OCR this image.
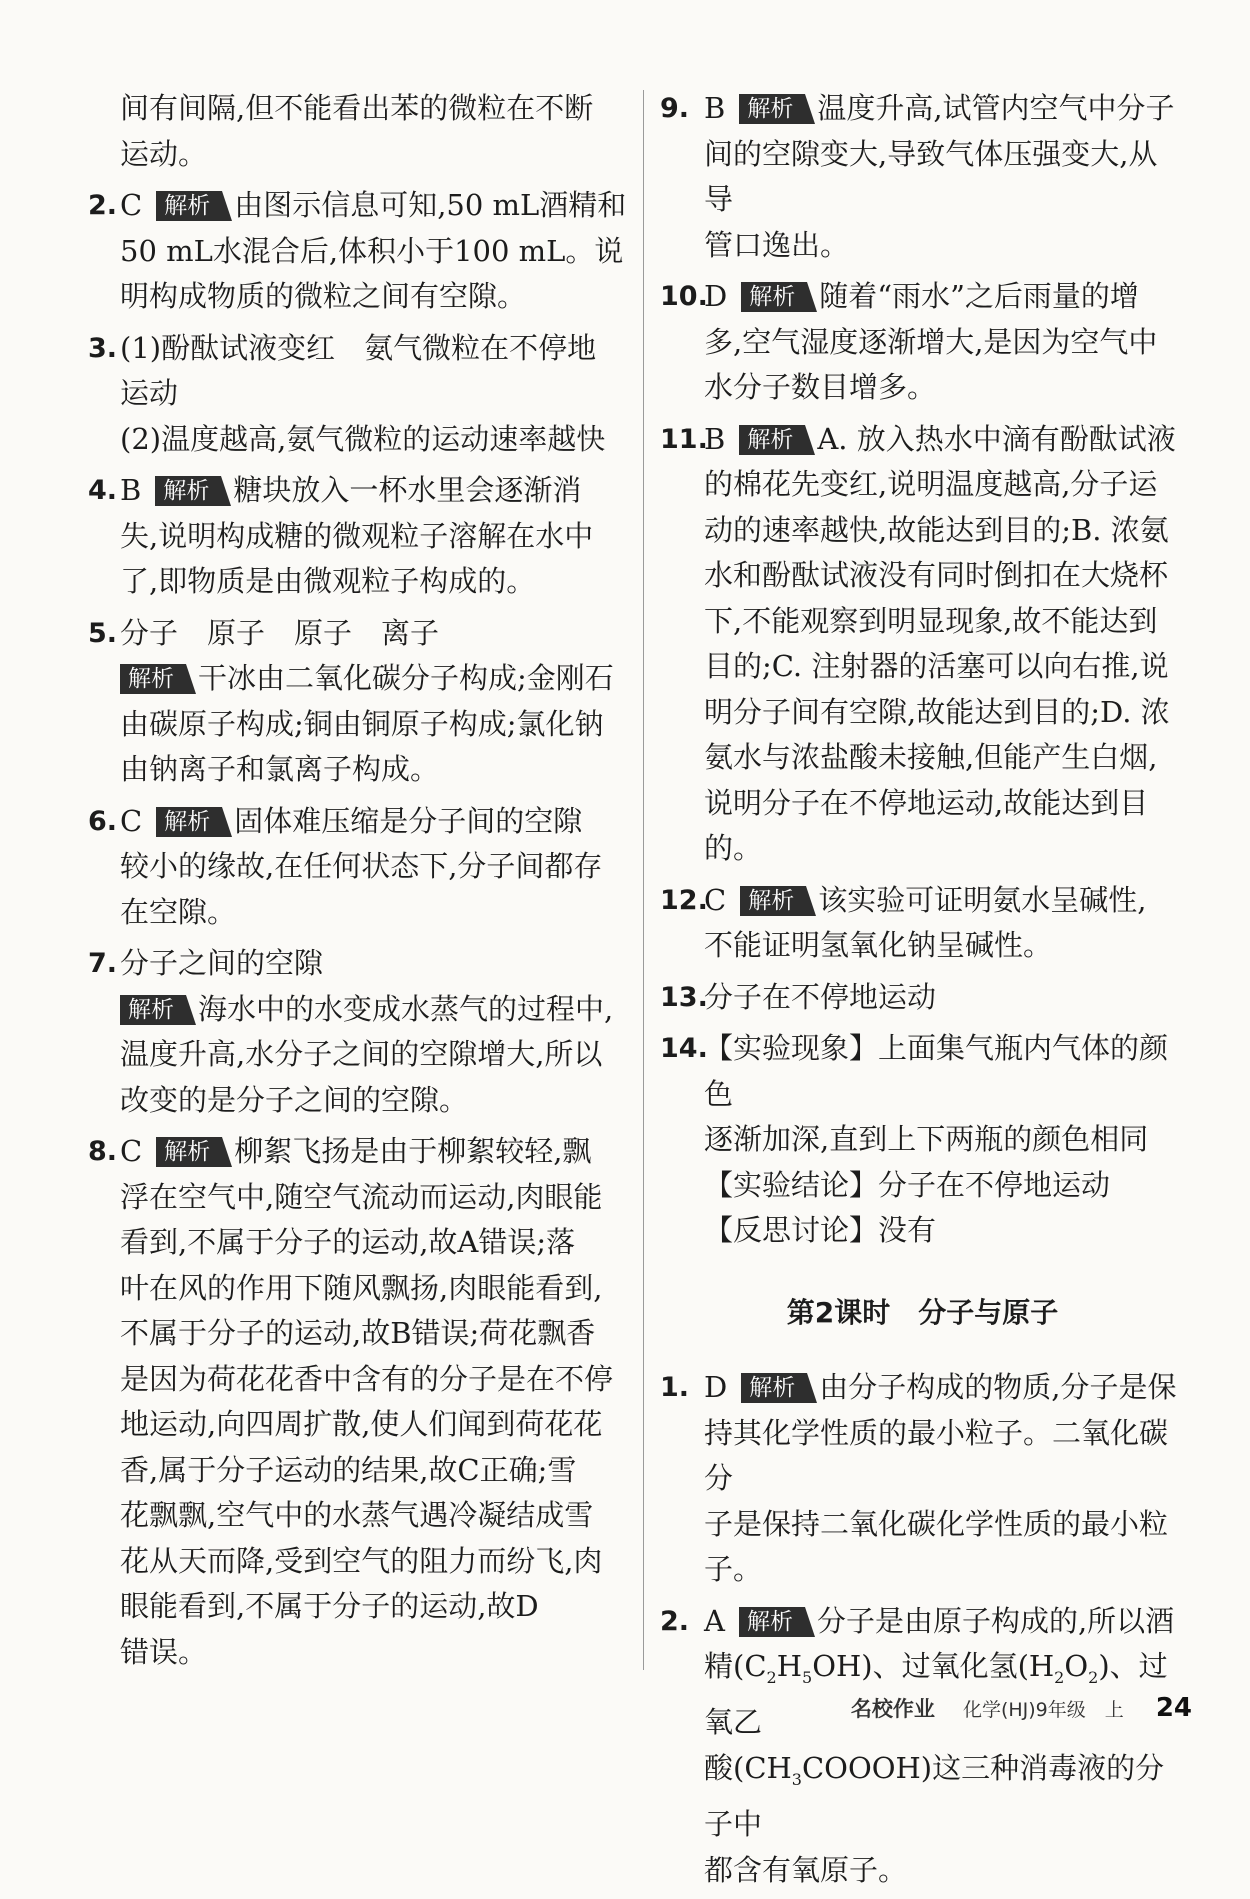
间有间隔,但不能看出苯的微粒在不断
运动。
2. C 解析 由图示信息可知,50 mL酒精和
50 mL水混合后,体积小于100 mL。说
明构成物质的微粒之间有空隙。
3. (1)酚酞试液变红　氨气微粒在不停地
运动
(2)温度越高,氨气微粒的运动速率越快
4. B 解析 糖块放入一杯水里会逐渐消
失,说明构成糖的微观粒子溶解在水中
了,即物质是由微观粒子构成的。
5. 分子　原子　原子　离子
解析 干冰由二氧化碳分子构成;金刚石
由碳原子构成;铜由铜原子构成;氯化钠
由钠离子和氯离子构成。
6. C 解析 固体难压缩是分子间的空隙
较小的缘故,在任何状态下,分子间都存
在空隙。
7. 分子之间的空隙
解析 海水中的水变成水蒸气的过程中,
温度升高,水分子之间的空隙增大,所以
改变的是分子之间的空隙。
8. C 解析 柳絮飞扬是由于柳絮较轻,飘
浮在空气中,随空气流动而运动,肉眼能
看到,不属于分子的运动,故A错误;落
叶在风的作用下随风飘扬,肉眼能看到,
不属于分子的运动,故B错误;荷花飘香
是因为荷花花香中含有的分子是在不停
地运动,向四周扩散,使人们闻到荷花花
香,属于分子运动的结果,故C正确;雪
花飘飘,空气中的水蒸气遇冷凝结成雪
花从天而降,受到空气的阻力而纷飞,肉
眼能看到,不属于分子的运动,故D
错误。
9. B 解析 温度升高,试管内空气中分子
间的空隙变大,导致气体压强变大,从导
管口逸出。
10.
D 解析 随着“雨水”之后雨量的增
多,空气湿度逐渐增大,是因为空气中
水分子数目增多。
11.
B 解析 A. 放入热水中滴有酚酞试液
的棉花先变红,说明温度越高,分子运
动的速率越快,故能达到目的;B. 浓氨
水和酚酞试液没有同时倒扣在大烧杯
下,不能观察到明显现象,故不能达到
目的;C. 注射器的活塞可以向右推,说
明分子间有空隙,故能达到目的;D. 浓
氨水与浓盐酸未接触,但能产生白烟,
说明分子在不停地运动,故能达到目的。
12.
C 解析 该实验可证明氨水呈碱性,
不能证明氢氧化钠呈碱性。
13.
分子在不停地运动
14.
【实验现象】上面集气瓶内气体的颜色
逐渐加深,直到上下两瓶的颜色相同
【实验结论】分子在不停地运动
【反思讨论】没有
第2课时　分子与原子
1. D 解析 由分子构成的物质,分子是保
持其化学性质的最小粒子。二氧化碳分
子是保持二氧化碳化学性质的最小粒子。
2. A 解析 分子是由原子构成的,所以酒
精$(C_2H_5OH)$、过氧化氢$(H_2O_2)$、过氧乙
酸$(CH_3COOOH)$这三种消毒液的分子中
都含有氧原子。
名校作业 化学(HJ)9年级　上 24
